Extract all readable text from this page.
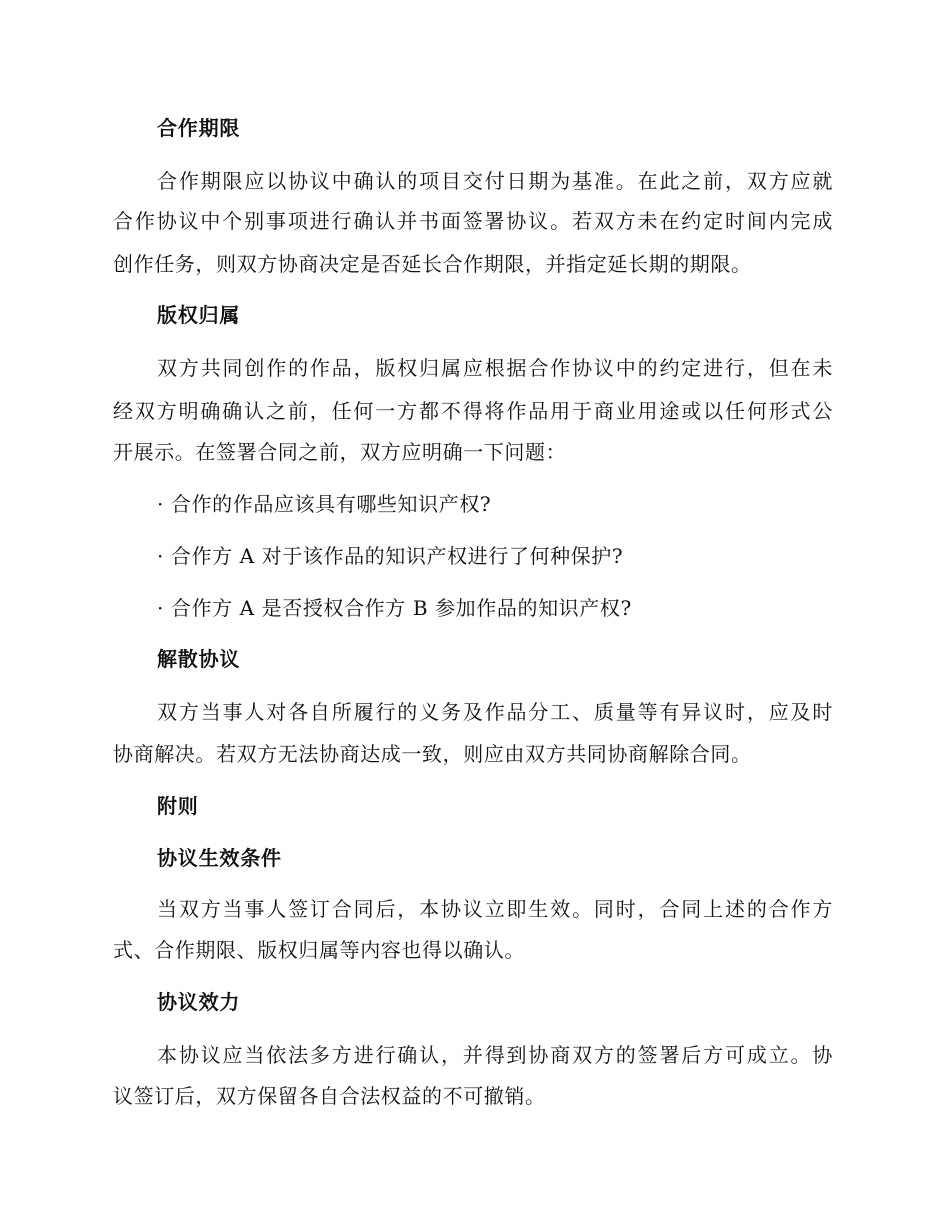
合作期限
合作期限应以协议中确认的项目交付日期为基准。在此之前，双方应就
合作协议中个别事项进行确认并书面签署协议。若双方未在约定时间内完成
创作任务，则双方协商决定是否延长合作期限，并指定延长期的期限。
版权归属
双方共同创作的作品，版权归属应根据合作协议中的约定进行，但在未
经双方明确确认之前，任何一方都不得将作品用于商业用途或以任何形式公
开展示。在签署合同之前，双方应明确一下问题：
· 合作的作品应该具有哪些知识产权?
· 合作方 A 对于该作品的知识产权进行了何种保护?
· 合作方 A 是否授权合作方 B 参加作品的知识产权?
解散协议
双方当事人对各自所履行的义务及作品分工、质量等有异议时，应及时
协商解决。若双方无法协商达成一致，则应由双方共同协商解除合同。
附则
协议生效条件
当双方当事人签订合同后，本协议立即生效。同时，合同上述的合作方
式、合作期限、版权归属等内容也得以确认。
协议效力
本协议应当依法多方进行确认，并得到协商双方的签署后方可成立。协
议签订后，双方保留各自合法权益的不可撤销。
